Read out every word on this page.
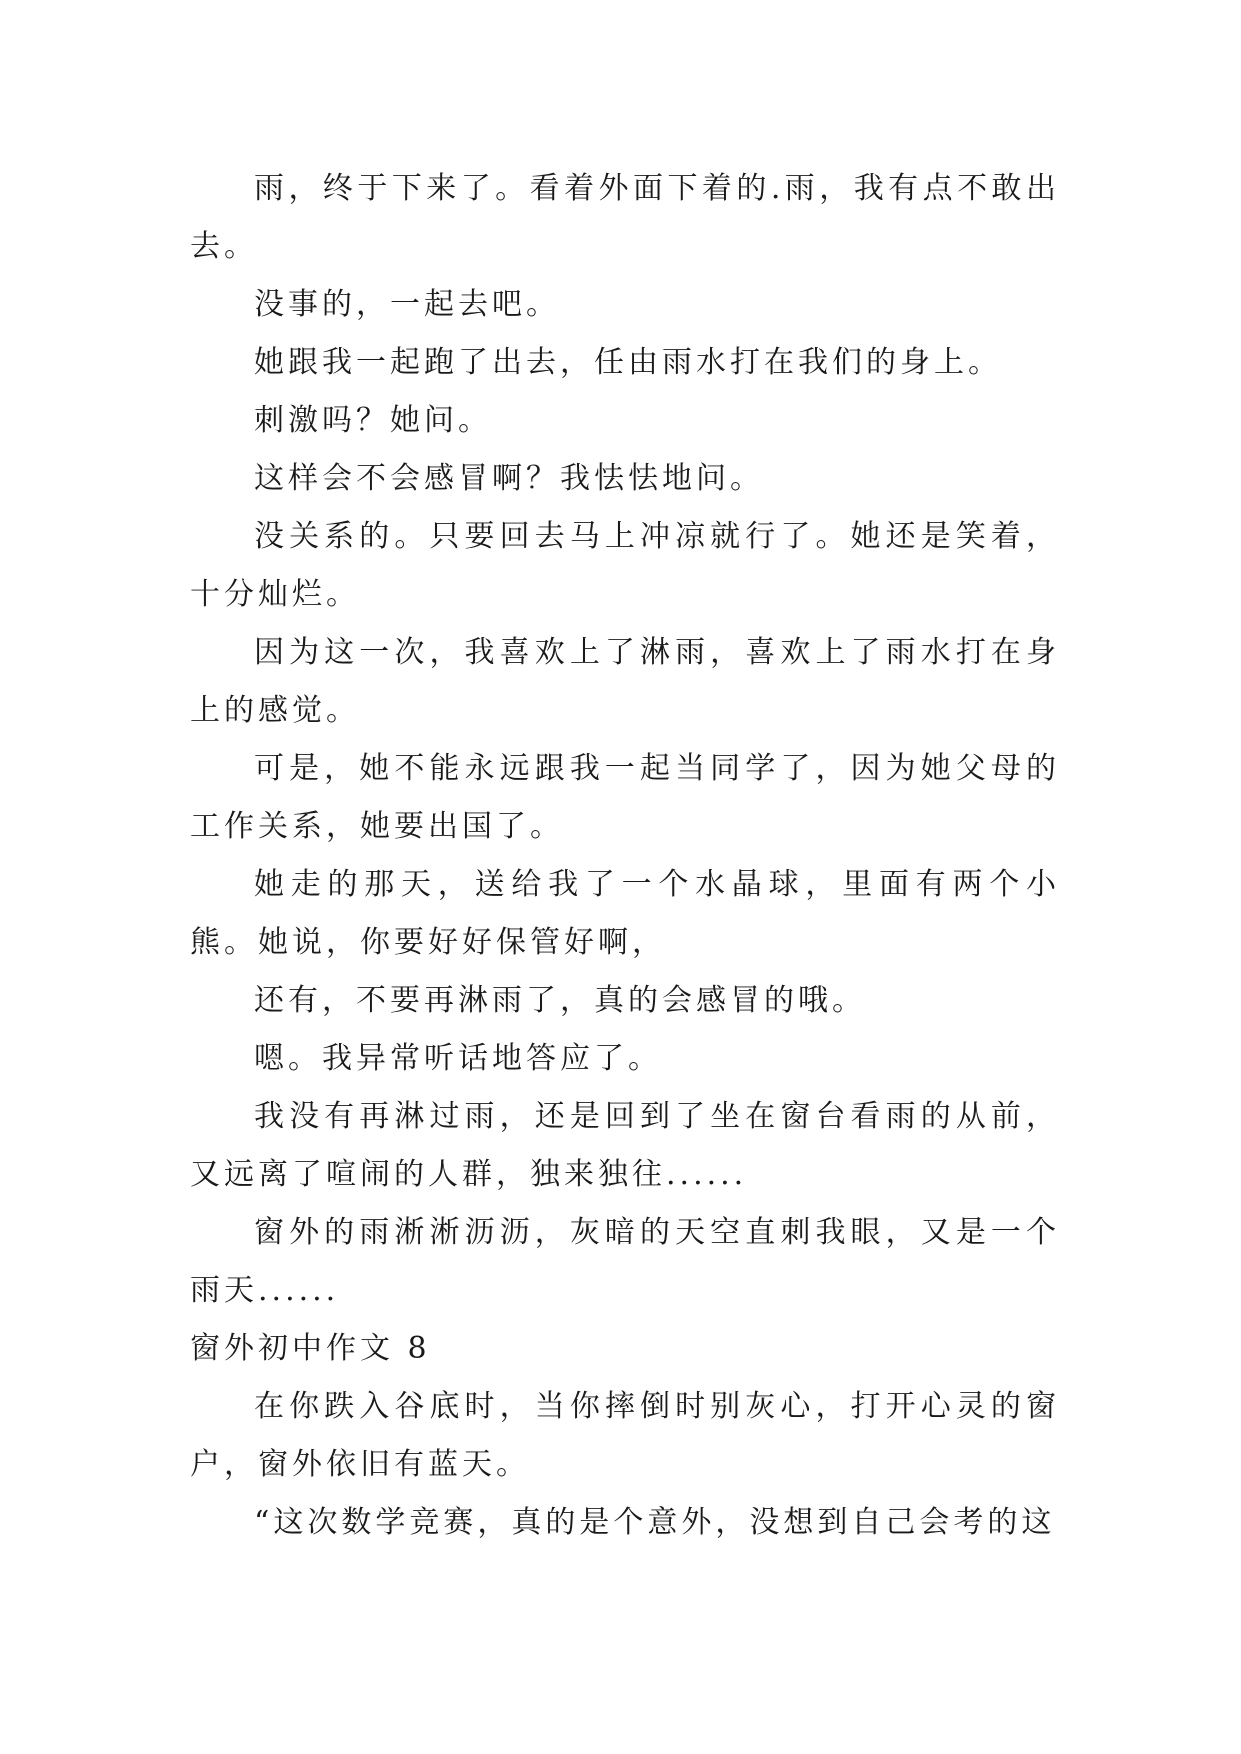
雨，终于下来了。看着外面下着的.雨，我有点不敢出去。

没事的，一起去吧。

她跟我一起跑了出去，任由雨水打在我们的身上。

刺激吗？她问。

这样会不会感冒啊？我怯怯地问。

没关系的。只要回去马上冲凉就行了。她还是笑着，十分灿烂。

因为这一次，我喜欢上了淋雨，喜欢上了雨水打在身上的感觉。

可是，她不能永远跟我一起当同学了，因为她父母的工作关系，她要出国了。

她走的那天，送给我了一个水晶球，里面有两个小熊。她说，你要好好保管好啊，

还有，不要再淋雨了，真的会感冒的哦。

嗯。我异常听话地答应了。

我没有再淋过雨，还是回到了坐在窗台看雨的从前，又远离了喧闹的人群，独来独往......

窗外的雨淅淅沥沥，灰暗的天空直刺我眼，又是一个雨天......

窗外初中作文 8

在你跌入谷底时，当你摔倒时别灰心，打开心灵的窗户，窗外依旧有蓝天。

“这次数学竞赛，真的是个意外，没想到自己会考的这
